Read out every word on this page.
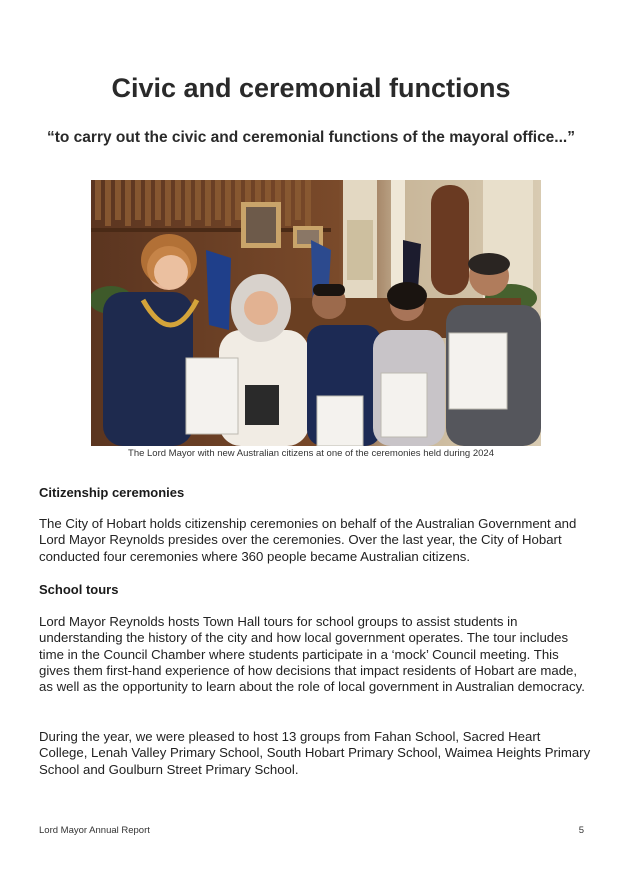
Civic and ceremonial functions
“to carry out the civic and ceremonial functions of the mayoral office...”
The Lord Mayor with new Australian citizens at one of the ceremonies held during 2024
Citizenship ceremonies

The City of Hobart holds citizenship ceremonies on behalf of the Australian Government and Lord Mayor Reynolds presides over the ceremonies. Over the last year, the City of Hobart conducted four ceremonies where 360 people became Australian citizens.

School tours

Lord Mayor Reynolds hosts Town Hall tours for school groups to assist students in understanding the history of the city and how local government operates. The tour includes time in the Council Chamber where students participate in a ‘mock’ Council meeting. This gives them first-hand experience of how decisions that impact residents of Hobart are made, as well as the opportunity to learn about the role of local government in Australian democracy.

During the year, we were pleased to host 13 groups from Fahan School, Sacred Heart College, Lenah Valley Primary School, South Hobart Primary School, Waimea Heights Primary School and Goulburn Street Primary School.

Lord Mayor Annual Report	5
